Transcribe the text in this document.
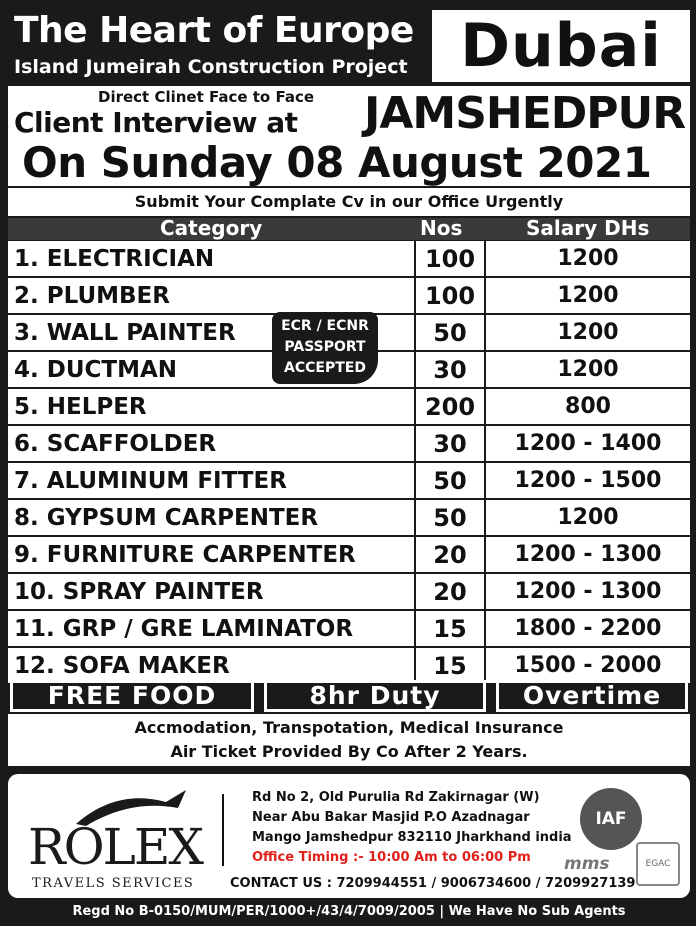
The Heart of Europe
Island Jumeirah Construction Project Dubai
Direct Clinet Face to Face
Client Interview at JAMSHEDPUR
On Sunday 08 August 2021
Submit Your Complate Cv in our Office Urgently
Category	Nos	Salary DHs
1. ELECTRICIAN	100	1200
2. PLUMBER	100	1200
3. WALL PAINTER	50	1200
4. DUCTMAN	30	1200
5. HELPER	200	800
6. SCAFFOLDER	30	1200 - 1400
7. ALUMINUM FITTER	50	1200 - 1500
8. GYPSUM CARPENTER	50	1200
9. FURNITURE CARPENTER	20	1200 - 1300
10. SPRAY PAINTER	20	1200 - 1300
11. GRP / GRE LAMINATOR	15	1800 - 2200
12. SOFA MAKER	15	1500 - 2000
ECR / ECNR
PASSPORT
ACCEPTED
FREE FOOD	8hr Duty	Overtime
Accmodation, Transpotation, Medical Insurance
Air Ticket Provided By Co After 2 Years.
ROLEX
TRAVELS SERVICES
Rd No 2, Old Purulia Rd Zakirnagar (W)
Near Abu Bakar Masjid P.O Azadnagar
Mango Jamshedpur 832110 Jharkhand india
Office Timing :- 10:00 Am to 06:00 Pm
CONTACT US : 7209944551 / 9006734600 / 7209927139
IAF
mms	EGAC
Regd No B-0150/MUM/PER/1000+/43/4/7009/2005 | We Have No Sub Agents
